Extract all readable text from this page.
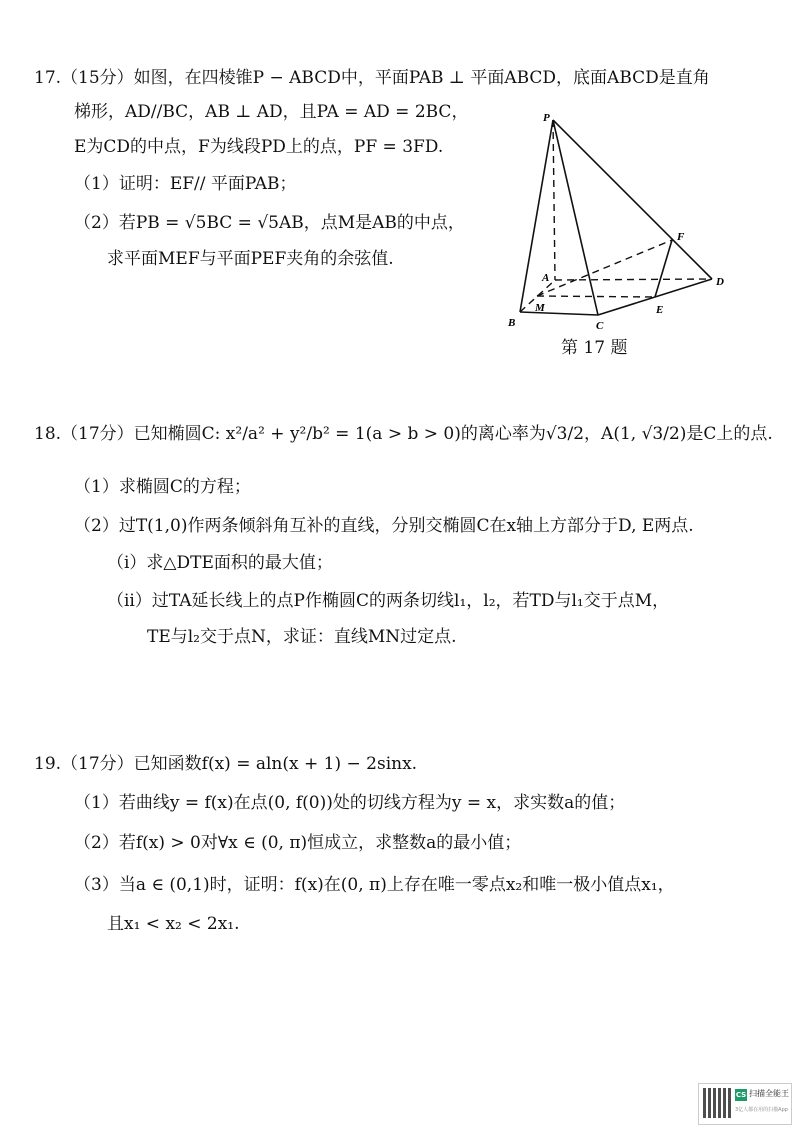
17.（15分）如图，在四棱锥P − ABCD中，平面PAB ⊥ 平面ABCD，底面ABCD是直角
梯形，AD//BC，AB ⊥ AD，且PA = AD = 2BC，
E为CD的中点，F为线段PD上的点，PF = 3FD.
（1）证明：EF// 平面PAB；
（2）若PB = √5BC = √5AB，点M是AB的中点，
求平面MEF与平面PEF夹角的余弦值.
P
A
B	C
D
E
F
M
第 17 题
18.（17分）已知椭圆C: x²/a² + y²/b² = 1(a > b > 0)的离心率为√3/2，A(1, √3/2)是C上的点.
（1）求椭圆C的方程；
（2）过T(1,0)作两条倾斜角互补的直线，分别交椭圆C在x轴上方部分于D, E两点.
（i）求△DTE面积的最大值；
（ii）过TA延长线上的点P作椭圆C的两条切线l₁，l₂，若TD与l₁交于点M，
TE与l₂交于点N，求证：直线MN过定点.
19.（17分）已知函数f(x) = aln(x + 1) − 2sinx.
（1）若曲线y = f(x)在点(0, f(0))处的切线方程为y = x，求实数a的值；
（2）若f(x) > 0对∀x ∈ (0, π)恒成立，求整数a的最小值；
（3）当a ∈ (0,1)时，证明：f(x)在(0, π)上存在唯一零点x₂和唯一极小值点x₁，
且x₁ < x₂ < 2x₁.
CS 扫描全能王
3亿人都在用的扫描App
